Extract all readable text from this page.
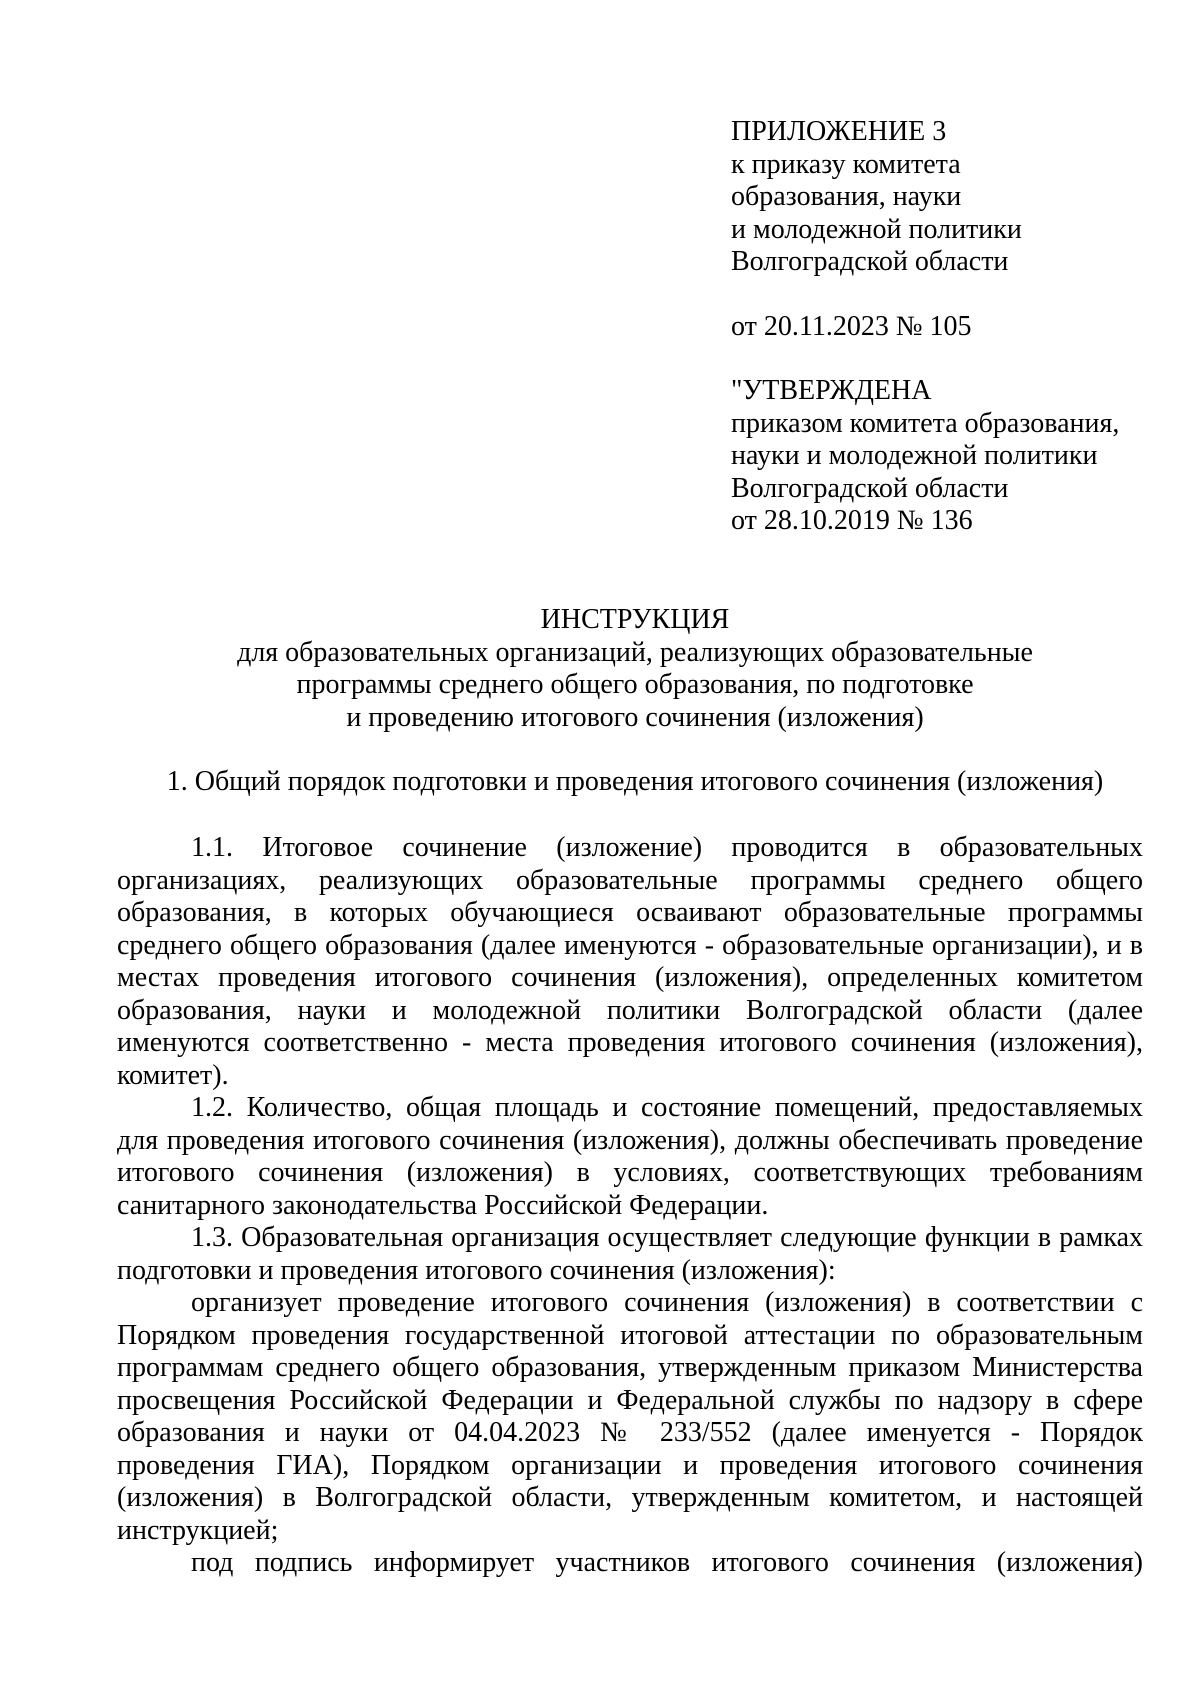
ПРИЛОЖЕНИЕ 3
к приказу комитета
образования, науки
и молодежной политики
Волгоградской области
от 20.11.2023 № 105
"УТВЕРЖДЕНА
приказом комитета образования,
науки и молодежной политики
Волгоградской области
от 28.10.2019 № 136
ИНСТРУКЦИЯ
для образовательных организаций, реализующих образовательные
программы среднего общего образования, по подготовке
и проведению итогового сочинения (изложения)
1. Общий порядок подготовки и проведения итогового сочинения (изложения)

1.1. Итоговое сочинение (изложение) проводится в образовательных организациях, реализующих образовательные программы среднего общего образования, в которых обучающиеся осваивают образовательные программы среднего общего образования (далее именуются - образовательные организации), и в местах проведения итогового сочинения (изложения), определенных комитетом образования, науки и молодежной политики Волгоградской области (далее именуются соответственно - места проведения итогового сочинения (изложения), комитет).

1.2. Количество, общая площадь и состояние помещений, предоставляемых для проведения итогового сочинения (изложения), должны обеспечивать проведение итогового сочинения (изложения) в условиях, соответствующих требованиям санитарного законодательства Российской Федерации.

1.3. Образовательная организация осуществляет следующие функции в рамках подготовки и проведения итогового сочинения (изложения):

организует проведение итогового сочинения (изложения) в соответствии с Порядком проведения государственной итоговой аттестации по образовательным программам среднего общего образования, утвержденным приказом Министерства просвещения Российской Федерации и Федеральной службы по надзору в сфере образования и науки от 04.04.2023 № 233/552 (далее именуется - Порядок проведения ГИА), Порядком организации и проведения итогового сочинения (изложения) в Волгоградской области, утвержденным комитетом, и настоящей инструкцией;

под подпись информирует участников итогового сочинения (изложения)
